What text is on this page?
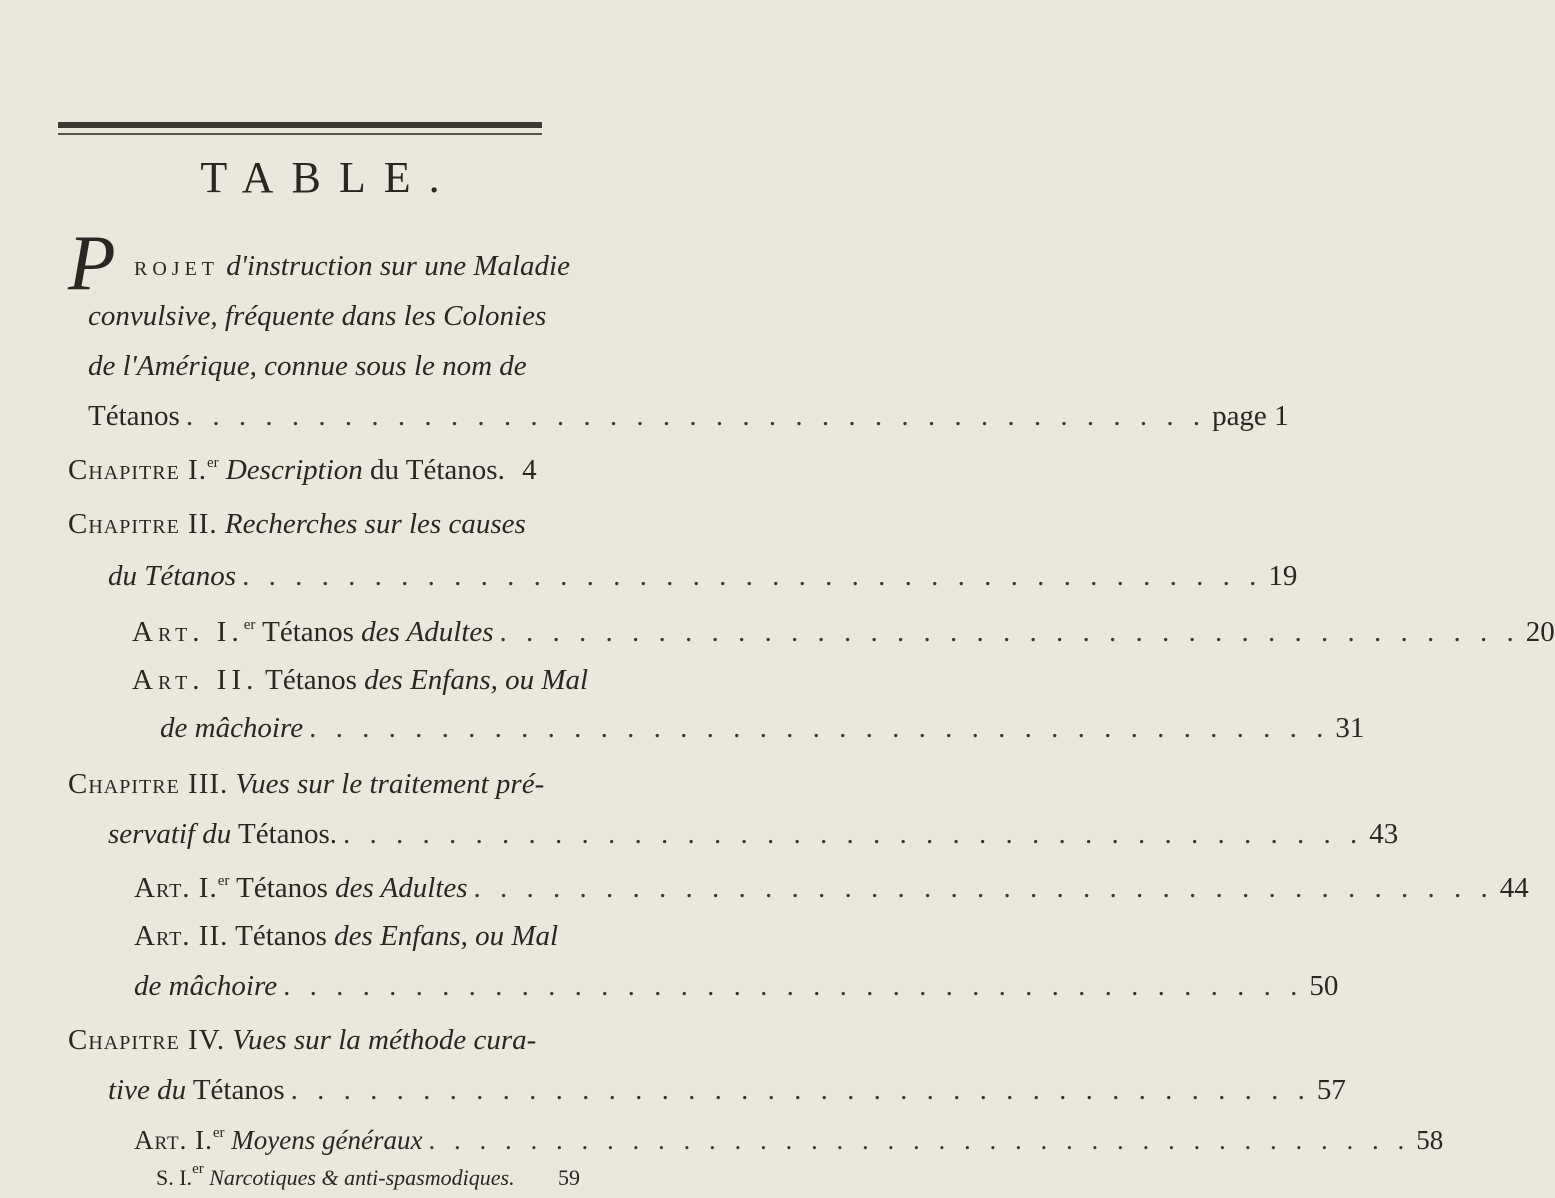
TABLE.
P ROJET d'instruction sur une Maladie
convulsive, fréquente dans les Colonies
de l'Amérique, connue sous le nom de
Tétanos . . . . . . . . . . . . . . . . . . . . . . . . . . . . . . . . . . . . . . . page 1
Chapitre I.$^{er}$ Description du Tétanos. 4
Chapitre II. Recherches sur les causes
du Tétanos . . . . . . . . . . . . . . . . . . . . . . . . . . . . . . . . . . . . . . . 19
Art. I.$^{er}$ Tétanos des Adultes . . . . . . . . . . . . . . . . . . . . . . . . . . . . . . . . . . . . . . . 20
Art. II. Tétanos des Enfans, ou Mal
de mâchoire . . . . . . . . . . . . . . . . . . . . . . . . . . . . . . . . . . . . . . . 31
Chapitre III. Vues sur le traitement pré-
servatif du Tétanos. . . . . . . . . . . . . . . . . . . . . . . . . . . . . . . . . . . . . . . . 43
Art. I.$^{er}$ Tétanos des Adultes . . . . . . . . . . . . . . . . . . . . . . . . . . . . . . . . . . . . . . . 44
Art. II. Tétanos des Enfans, ou Mal
de mâchoire . . . . . . . . . . . . . . . . . . . . . . . . . . . . . . . . . . . . . . . 50
Chapitre IV. Vues sur la méthode cura-
tive du Tétanos . . . . . . . . . . . . . . . . . . . . . . . . . . . . . . . . . . . . . . . 57
Art. I.$^{er}$ Moyens généraux . . . . . . . . . . . . . . . . . . . . . . . . . . . . . . . . . . . . . . . 58
S. I.$^{er}$ Narcotiques & anti-spasmodiques. 59
